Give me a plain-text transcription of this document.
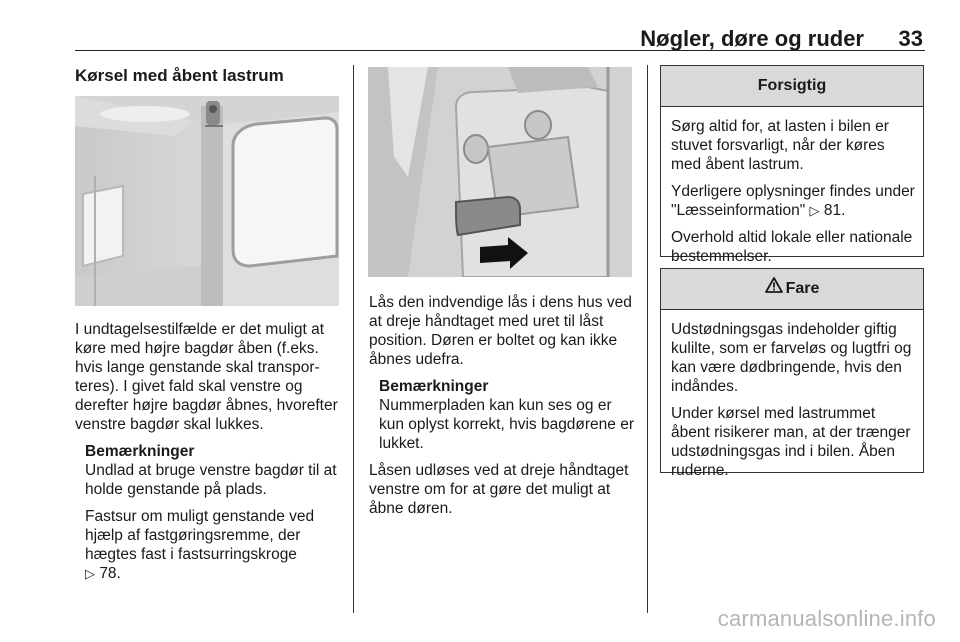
Nøgler, døre og ruder 33
Kørsel med åbent lastrum

I undtagelsestilfælde er det muligt at køre med højre bagdør åben (f.eks. hvis lange genstande skal transporteres). I givet fald skal venstre og derefter højre bagdør åbnes, hvorefter venstre bagdør skal lukkes.

Bemærkninger

Undlad at bruge venstre bagdør til at holde genstande på plads.

Fastsur om muligt genstande ved hjælp af fastgøringsremme, der hægtes fast i fastsurringskroge
▷ 78.

Lås den indvendige lås i dens hus ved at dreje håndtaget med uret til låst position. Døren er boltet og kan ikke åbnes udefra.

Bemærkninger

Nummerpladen kan kun ses og er kun oplyst korrekt, hvis bagdørene er lukket.

Låsen udløses ved at dreje håndtaget venstre om for at gøre det muligt at åbne døren.

Forsigtig

Sørg altid for, at lasten i bilen er stuvet forsvarligt, når der køres med åbent lastrum.

Yderligere oplysninger findes under "Læsseinformation" ▷ 81.

Overhold altid lokale eller nationale bestemmelser.

Fare

Udstødningsgas indeholder giftig kulilte, som er farveløs og lugtfri og kan være dødbringende, hvis den indåndes.

Under kørsel med lastrummet åbent risikerer man, at der trænger udstødningsgas ind i bilen. Åben ruderne.

carmanualsonline.info
